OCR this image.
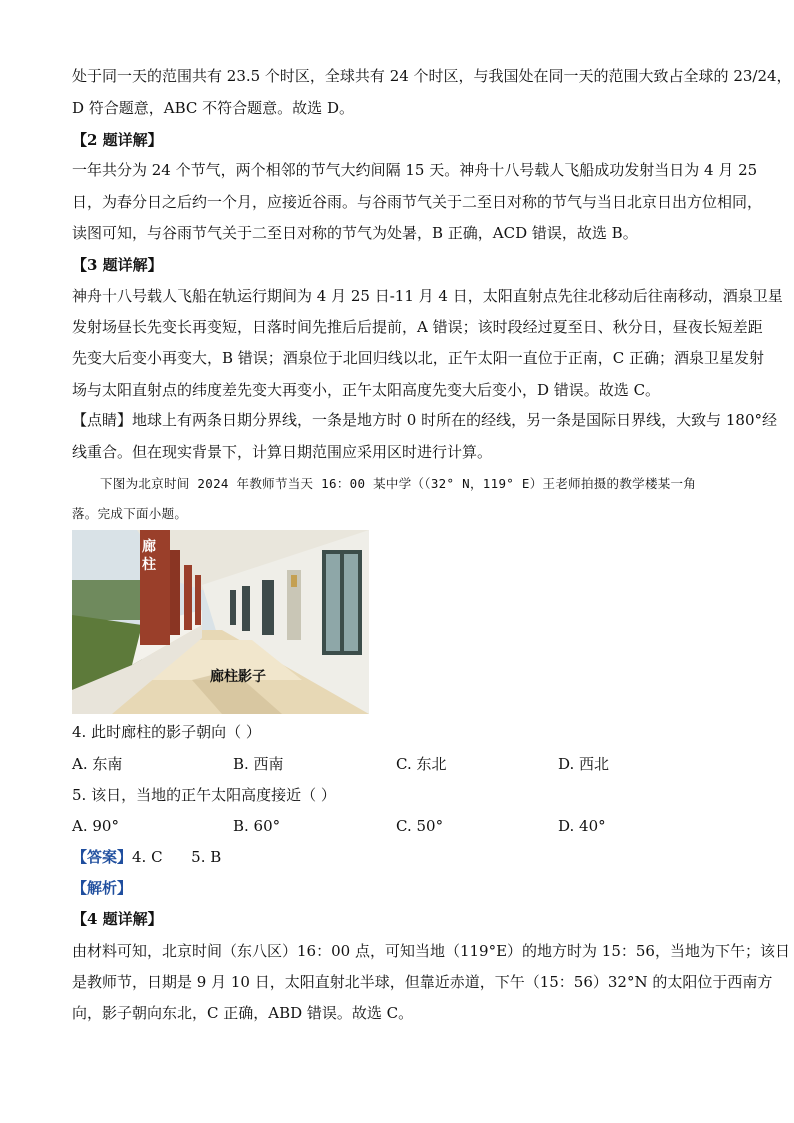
处于同一天的范围共有 23.5 个时区，全球共有 24 个时区，与我国处在同一天的范围大致占全球的 23/24，
D 符合题意，ABC 不符合题意。故选 D。
【2 题详解】
一年共分为 24 个节气，两个相邻的节气大约间隔 15 天。神舟十八号载人飞船成功发射当日为 4 月 25
日，为春分日之后约一个月，应接近谷雨。与谷雨节气关于二至日对称的节气与当日北京日出方位相同，
读图可知，与谷雨节气关于二至日对称的节气为处暑，B 正确，ACD 错误，故选 B。
【3 题详解】
神舟十八号载人飞船在轨运行期间为 4 月 25 日-11 月 4 日，太阳直射点先往北移动后往南移动，酒泉卫星
发射场昼长先变长再变短，日落时间先推后后提前，A 错误；该时段经过夏至日、秋分日，昼夜长短差距
先变大后变小再变大，B 错误；酒泉位于北回归线以北，正午太阳一直位于正南，C 正确；酒泉卫星发射
场与太阳直射点的纬度差先变大再变小，正午太阳高度先变大后变小，D 错误。故选 C。
【点睛】地球上有两条日期分界线，一条是地方时 0 时所在的经线，另一条是国际日界线，大致与 180°经
线重合。但在现实背景下，计算日期范围应采用区时进行计算。
下图为北京时间 2024 年教师节当天 16：00 某中学（（32° N，119° E）王老师拍摄的教学楼某一角
落。完成下面小题。
廊柱
廊柱影子
4. 此时廊柱的影子朝向（ ）
A. 东南	B. 西南	C. 东北	D. 西北
5. 该日，当地的正午太阳高度接近（ ）
A. 90°	B. 60°	C. 50°	D. 40°
【答案】4. C      5. B
【解析】
【4 题详解】
由材料可知，北京时间（东八区）16：00 点，可知当地（119°E）的地方时为 15：56，当地为下午；该日
是教师节，日期是 9 月 10 日，太阳直射北半球，但靠近赤道，下午（15：56）32°N 的太阳位于西南方
向，影子朝向东北，C 正确，ABD 错误。故选 C。
